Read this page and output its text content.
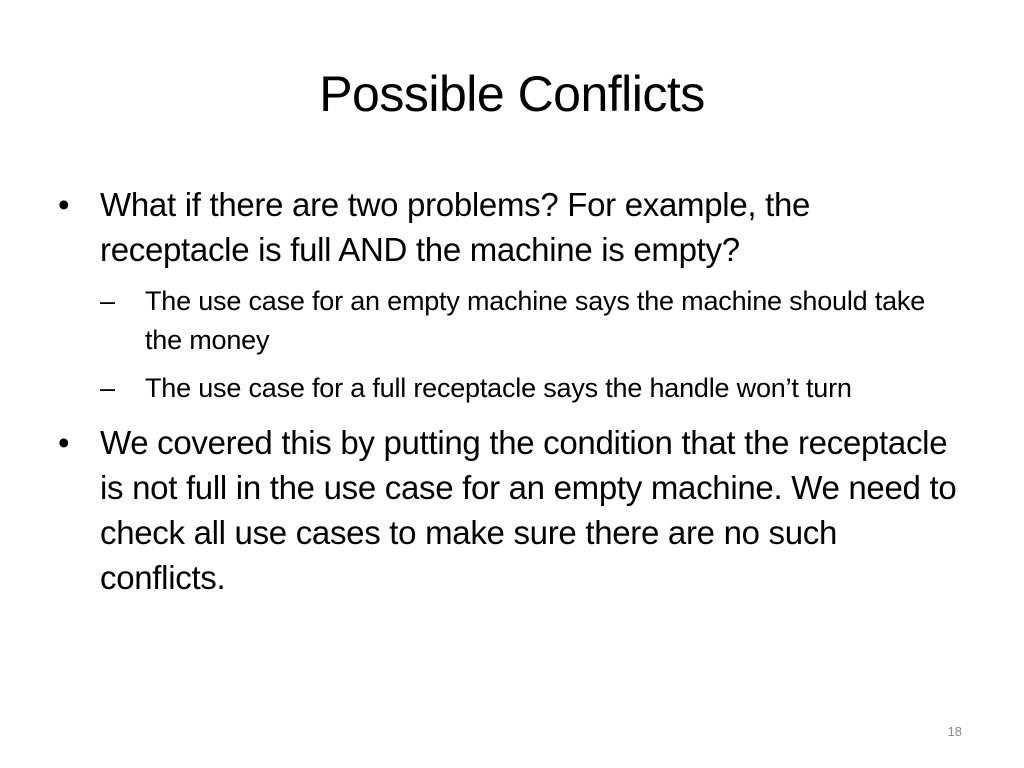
Possible Conflicts
• What if there are two problems? For example, the receptacle is full AND the machine is empty?
–	The use case for an empty machine says the machine should take the money
–	The use case for a full receptacle says the handle won’t turn
• We covered this by putting the condition that the receptacle is not full in the use case for an empty machine. We need to check all use cases to make sure there are no such conflicts.
18
